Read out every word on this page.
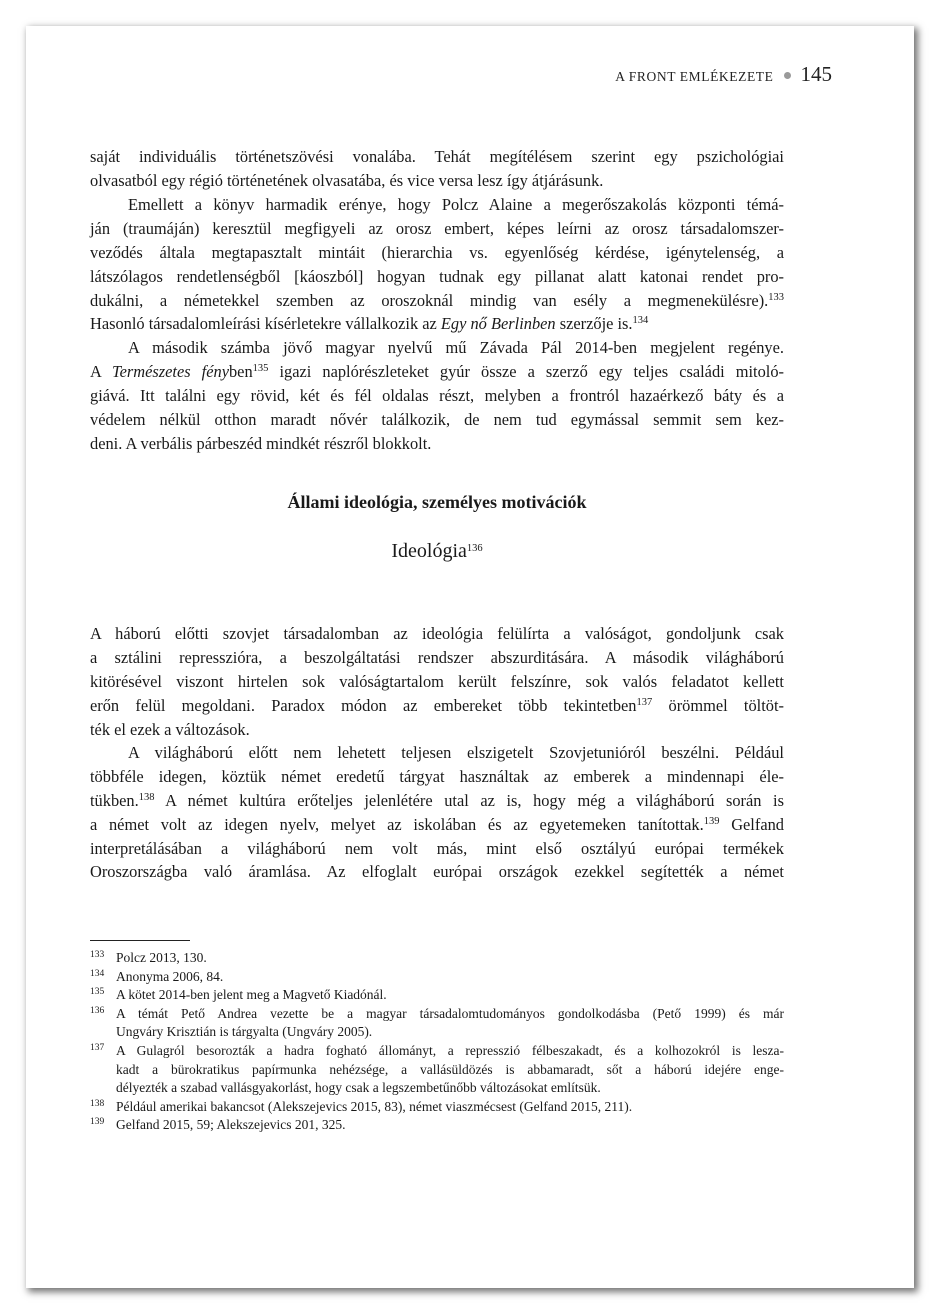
A FRONT EMLÉKEZETE 145
saját individuális történetszövési vonalába. Tehát megítélésem szerint egy pszichológiai
olvasatból egy régió történetének olvasatába, és vice versa lesz így átjárásunk.
Emellett a könyv harmadik erénye, hogy Polcz Alaine a megerőszakolás központi témá-
ján (traumáján) keresztül megfigyeli az orosz embert, képes leírni az orosz társadalomszer-
veződés általa megtapasztalt mintáit (hierarchia vs. egyenlőség kérdése, igénytelenség, a
látszólagos rendetlenségből [káoszból] hogyan tudnak egy pillanat alatt katonai rendet pro-
dukálni, a németekkel szemben az oroszoknál mindig van esély a megmenekülésre).$^{133}$
Hasonló társadalomleírási kísérletekre vállalkozik az Egy nő Berlinben szerzője is.$^{134}$
A második számba jövő magyar nyelvű mű Závada Pál 2014-ben megjelent regénye.
A Természetes fényben$^{135}$ igazi naplórészleteket gyúr össze a szerző egy teljes családi mitoló-
giává. Itt találni egy rövid, két és fél oldalas részt, melyben a frontról hazaérkező báty és a
védelem nélkül otthon maradt nővér találkozik, de nem tud egymással semmit sem kez-
deni. A verbális párbeszéd mindkét részről blokkolt.
Állami ideológia, személyes motivációk
Ideológia$^{136}$
A háború előtti szovjet társadalomban az ideológia felülírta a valóságot, gondoljunk csak
a sztálini represszióra, a beszolgáltatási rendszer abszurditására. A második világháború
kitörésével viszont hirtelen sok valóságtartalom került felszínre, sok valós feladatot kellett
erőn felül megoldani. Paradox módon az embereket több tekintetben$^{137}$ örömmel töltöt-
ték el ezek a változások.
A világháború előtt nem lehetett teljesen elszigetelt Szovjetunióról beszélni. Például
többféle idegen, köztük német eredetű tárgyat használtak az emberek a mindennapi éle-
tükben.$^{138}$ A német kultúra erőteljes jelenlétére utal az is, hogy még a világháború során is
a német volt az idegen nyelv, melyet az iskolában és az egyetemeken tanítottak.$^{139}$ Gelfand
interpretálásában a világháború nem volt más, mint első osztályú európai termékek
Oroszországba való áramlása. Az elfoglalt európai országok ezekkel segítették a német
133 Polcz 2013, 130.
134 Anonyma 2006, 84.
135 A kötet 2014-ben jelent meg a Magvető Kiadónál.
136 A témát Pető Andrea vezette be a magyar társadalomtudományos gondolkodásba (Pető 1999) és már
Ungváry Krisztián is tárgyalta (Ungváry 2005).
137 A Gulagról besorozták a hadra fogható állományt, a represszió félbeszakadt, és a kolhozokról is lesza-
kadt a bürokratikus papírmunka nehézsége, a vallásüldözés is abbamaradt, sőt a háború idejére enge-
délyezték a szabad vallásgyakorlást, hogy csak a legszembetűnőbb változásokat említsük.
138 Például amerikai bakancsot (Alekszejevics 2015, 83), német viaszmécsest (Gelfand 2015, 211).
139 Gelfand 2015, 59; Alekszejevics 201, 325.
